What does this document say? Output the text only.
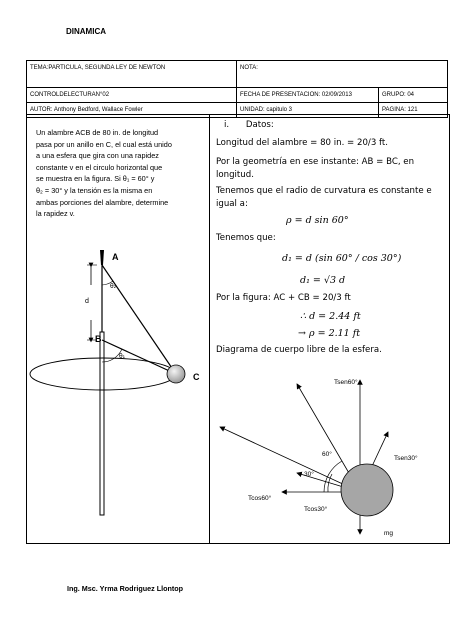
DINAMICA
TEMA:PARTICULA, SEGUNDA LEY DE NEWTON	NOTA:	
CONTROLDELECTURAN°02	FECHA DE PRESENTACION: 02/09/2013	GRUPO: 04
AUTOR: Anthony Bedford, Wallace Fowler	UNIDAD: capitulo 3	PAGINA: 121
Un alambre ACB de 80 in. de longitud
pasa por un anillo en C, el cual está unido
a una esfera que gira con una rapidez
constante v en el circulo horizontal que
se muestra en la figura. Si θ₁ = 60° y
θ₂ = 30° y la tensión es la misma en
ambas porciones del alambre, determine
la rapidez v.
A
B
C
d
θ₂
θ₁
i. Datos:
Longitud del alambre = 80 in. = 20/3 ft.
Por la geometría en ese instante: AB = BC, en
longitud.
Tenemos que el radio de curvatura es constante e
igual a:
ρ = d sin 60°
Tenemos que:
d₁ = d (sin 60° / cos 30°)
d₁ = √3 d
Por la figura: AC + CB = 20/3 ft
∴ d = 2.44 ft
→ ρ = 2.11 ft
Diagrama de cuerpo libre de la esfera.
Tsen60°
Tsen30°
Tcos60°
Tcos30°
mg
60°
30°
Ing. Msc. Yrma Rodriguez Llontop
